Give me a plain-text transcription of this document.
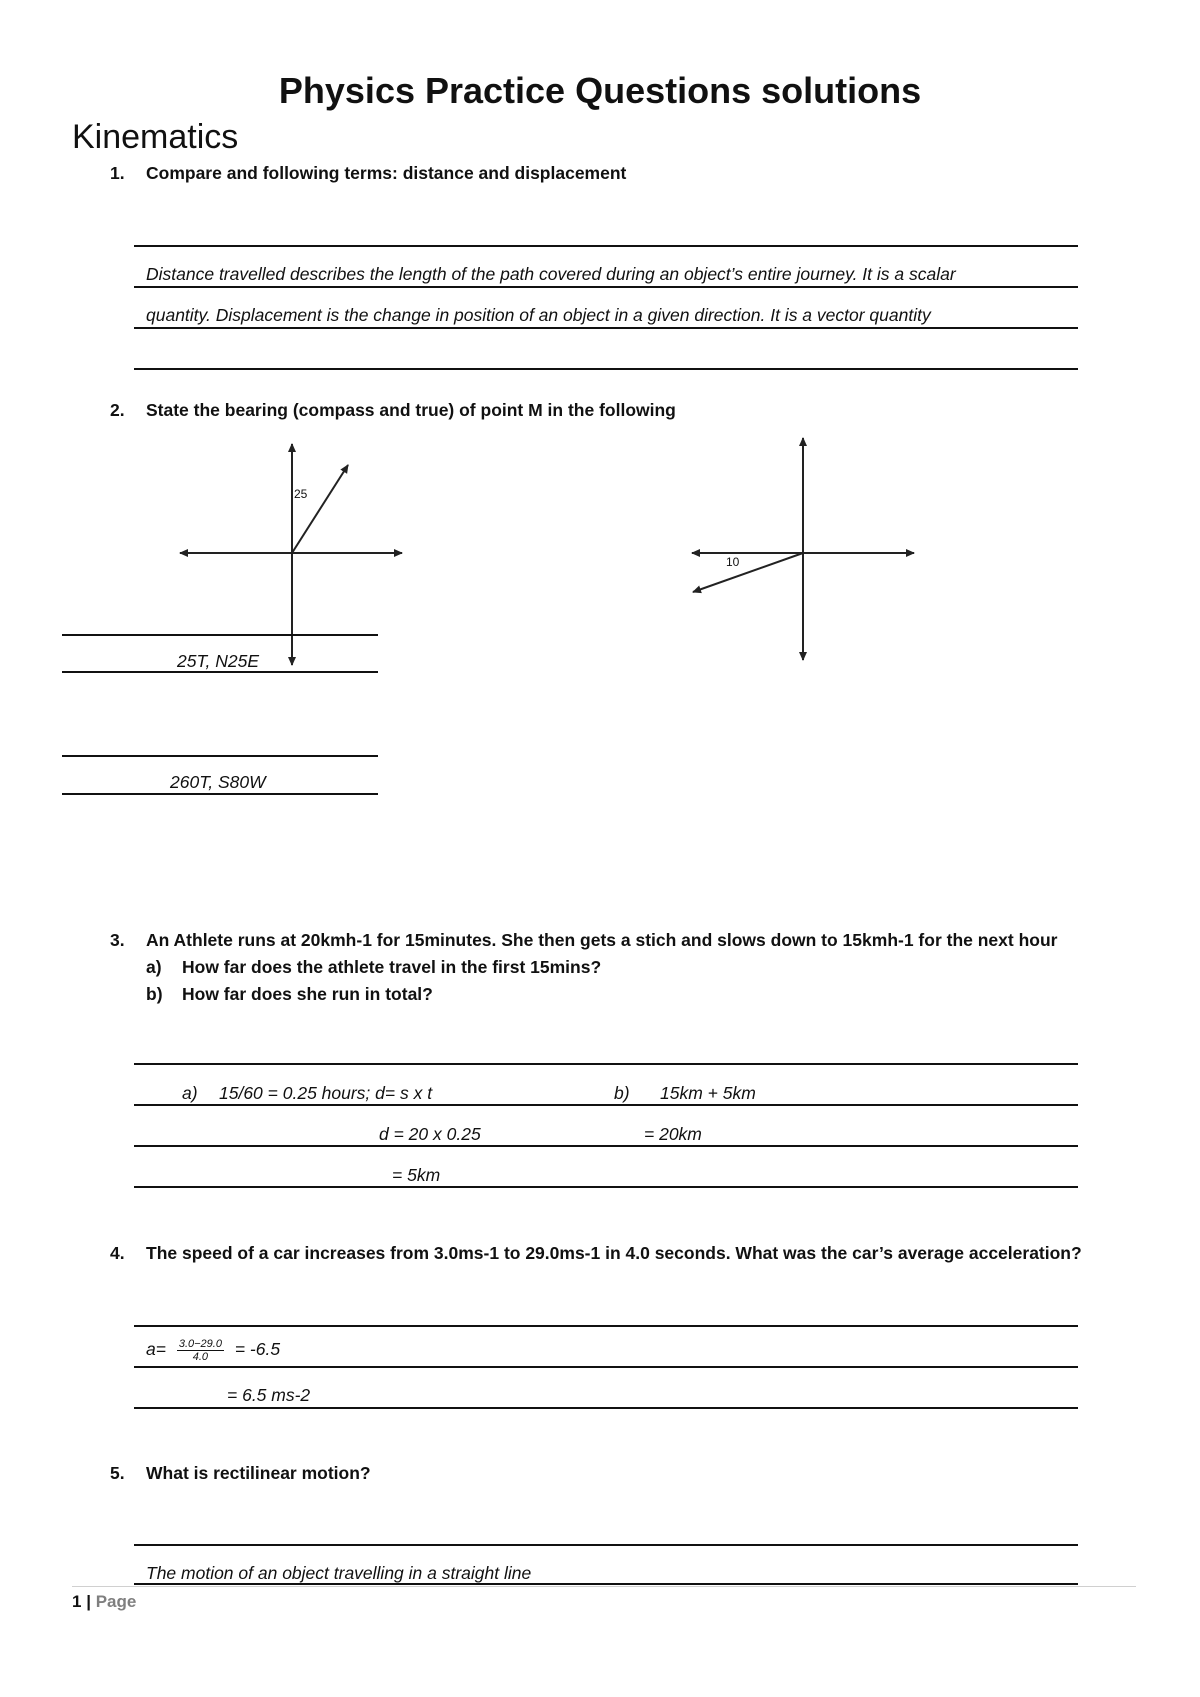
Physics Practice Questions solutions
Kinematics
1. Compare and following terms: distance and displacement
Distance travelled describes the length of the path covered during an object’s entire journey. It is a scalar
quantity. Displacement is the change in position of an object in a given direction. It is a vector quantity
2. State the bearing (compass and true) of point M in the following
25
10
25T, N25E
260T, S80W
3. An Athlete runs at 20kmh-1 for 15minutes. She then gets a stich and slows down to 15kmh-1 for the next hour
a) How far does the athlete travel in the first 15mins?
b) How far does she run in total?
a) 15/60 = 0.25 hours; d= s x t	b) 15km + 5km
d = 20 x 0.25	= 20km
= 5km
4. The speed of a car increases from 3.0ms-1 to 29.0ms-1 in 4.0 seconds. What was the car’s average acceleration?
$a= \frac{3.0-29.0}{4.0} = -6.5$
= 6.5 ms-2
5. What is rectilinear motion?
The motion of an object travelling in a straight line
1 | Page
